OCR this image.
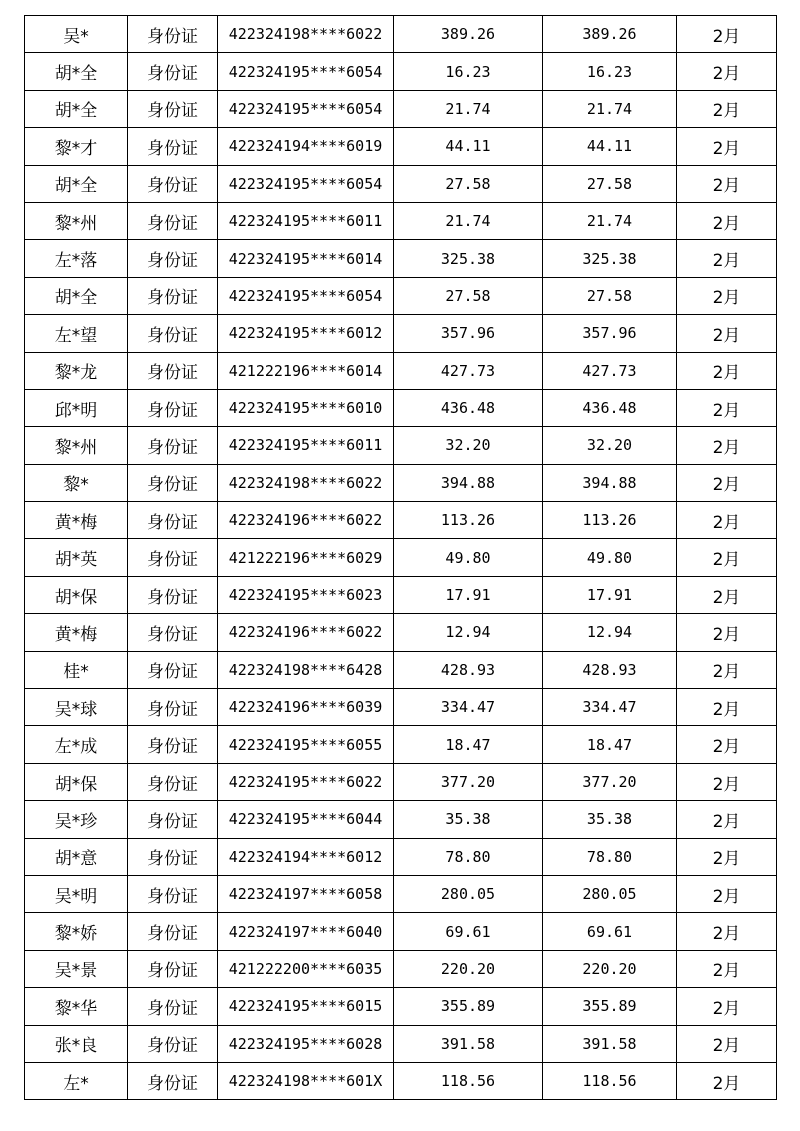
吴*	身份证	422324198****6022	389.26	389.26	2月
胡*全	身份证	422324195****6054	16.23	16.23	2月
胡*全	身份证	422324195****6054	21.74	21.74	2月
黎*才	身份证	422324194****6019	44.11	44.11	2月
胡*全	身份证	422324195****6054	27.58	27.58	2月
黎*州	身份证	422324195****6011	21.74	21.74	2月
左*落	身份证	422324195****6014	325.38	325.38	2月
胡*全	身份证	422324195****6054	27.58	27.58	2月
左*望	身份证	422324195****6012	357.96	357.96	2月
黎*龙	身份证	421222196****6014	427.73	427.73	2月
邱*明	身份证	422324195****6010	436.48	436.48	2月
黎*州	身份证	422324195****6011	32.20	32.20	2月
黎*	身份证	422324198****6022	394.88	394.88	2月
黄*梅	身份证	422324196****6022	113.26	113.26	2月
胡*英	身份证	421222196****6029	49.80	49.80	2月
胡*保	身份证	422324195****6023	17.91	17.91	2月
黄*梅	身份证	422324196****6022	12.94	12.94	2月
桂*	身份证	422324198****6428	428.93	428.93	2月
吴*球	身份证	422324196****6039	334.47	334.47	2月
左*成	身份证	422324195****6055	18.47	18.47	2月
胡*保	身份证	422324195****6022	377.20	377.20	2月
吴*珍	身份证	422324195****6044	35.38	35.38	2月
胡*意	身份证	422324194****6012	78.80	78.80	2月
吴*明	身份证	422324197****6058	280.05	280.05	2月
黎*娇	身份证	422324197****6040	69.61	69.61	2月
吴*景	身份证	421222200****6035	220.20	220.20	2月
黎*华	身份证	422324195****6015	355.89	355.89	2月
张*良	身份证	422324195****6028	391.58	391.58	2月
左*	身份证	422324198****601X	118.56	118.56	2月
